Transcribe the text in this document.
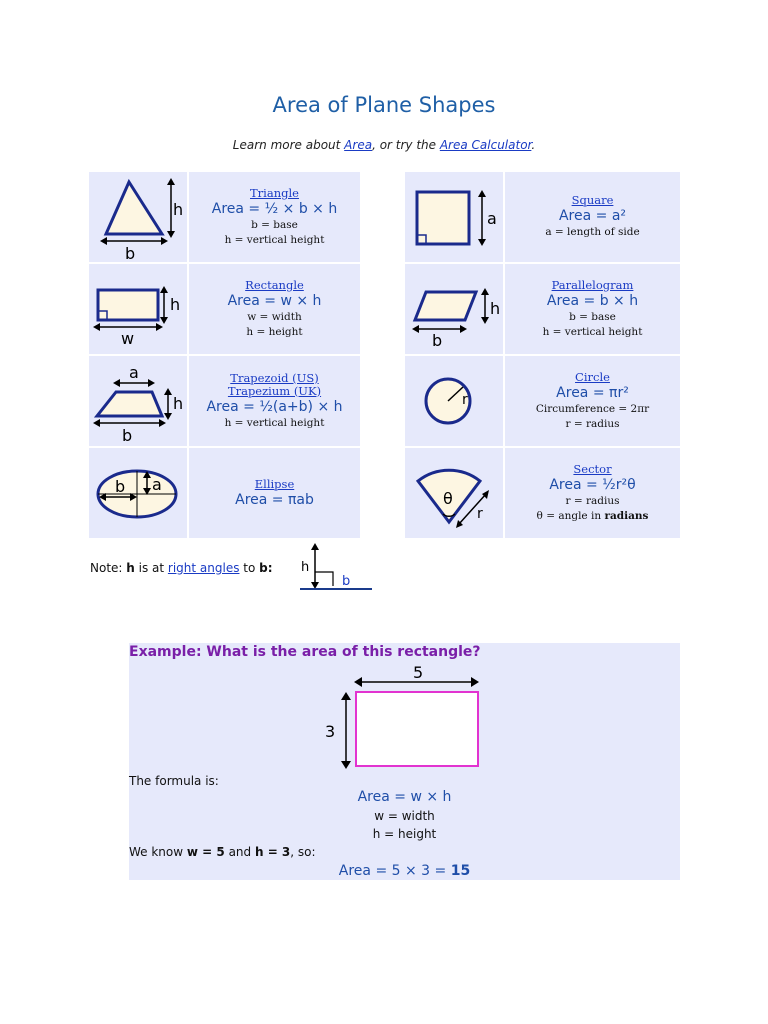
Area of Plane Shapes
Learn more about Area, or try the Area Calculator.
h
b
Triangle
Area = ½ × b × h
b = base
h = vertical height
h
w
Rectangle
Area = w × h
w = width
h = height
a
h
b
Trapezoid (US)
Trapezium (UK)
Area = ½(a+b) × h
h = vertical height
b a	Ellipse
Area = πab
a
Square
Area = a²
a = length of side
h
b
Parallelogram
Area = b × h
b = base
h = vertical height
r
Circle
Area = πr²
Circumference = 2πr
r = radius
θ
r
Sector
Area = ½r²θ
r = radius
θ = angle in radians
Note: h is at right angles to b: h
b
Example: What is the area of this rectangle?
5
3
The formula is:
Area = w × h
w = width
h = height
We know w = 5 and h = 3, so:
Area = 5 × 3 = 15
